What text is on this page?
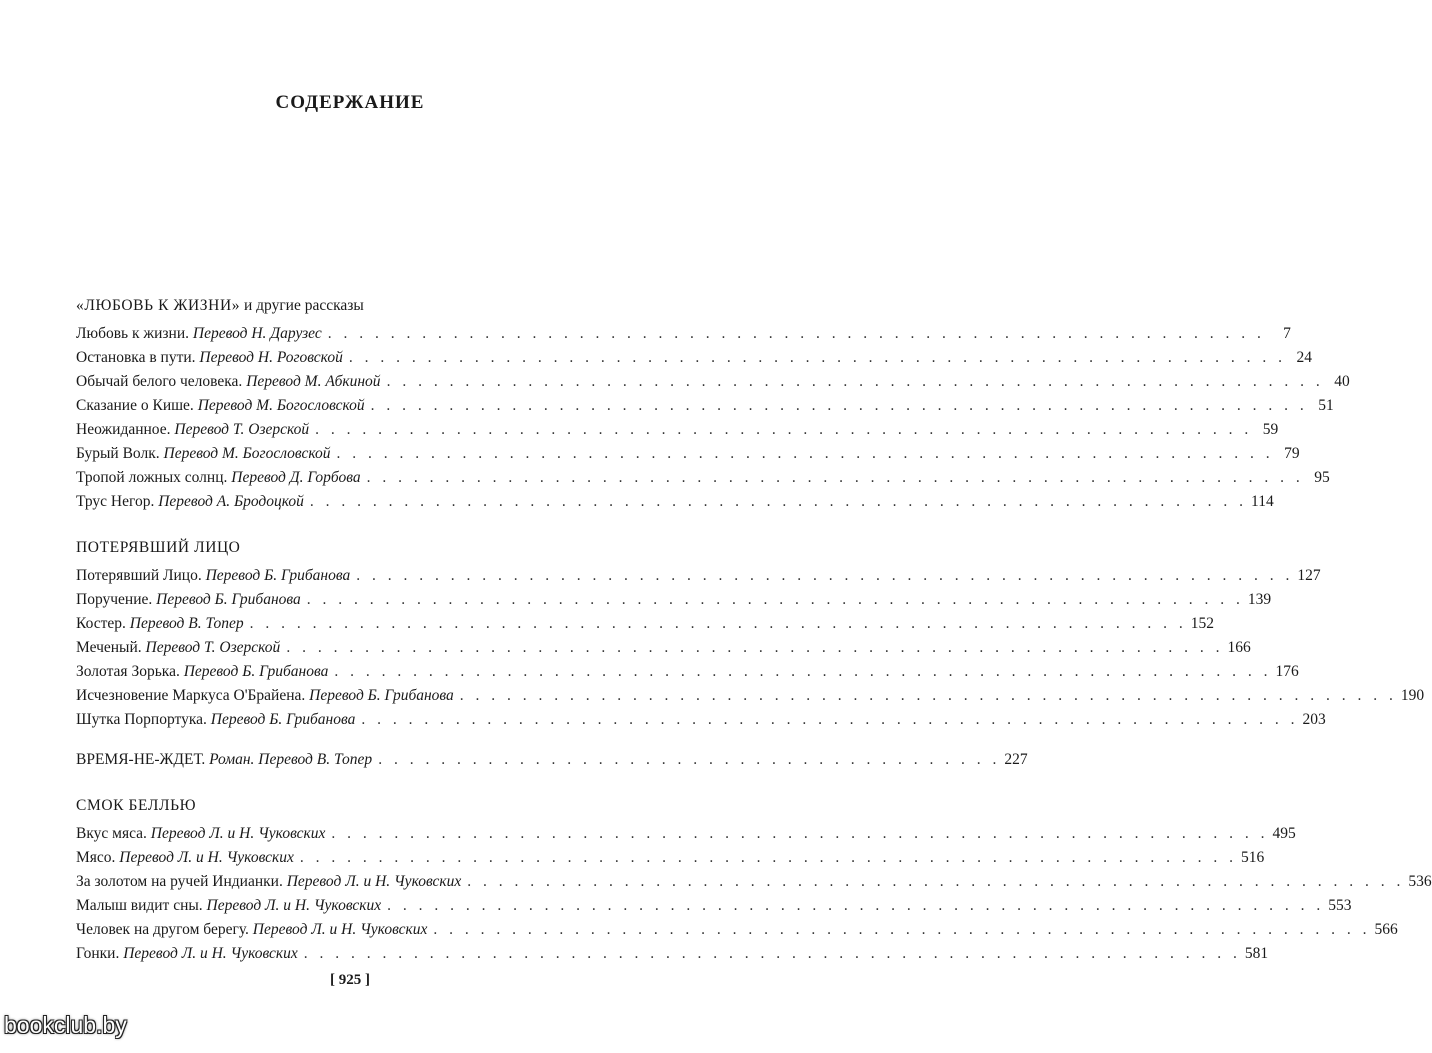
СОДЕРЖАНИЕ
«ЛЮБОВЬ К ЖИЗНИ» и другие рассказы
Любовь к жизни.
Перевод Н. Дарузес . . . . . . . . . . . . . . . . . . . . . . . . . . . . . . . . . . . . . . . . . . . . . . . . . . . . . . . . . . . .	7
Остановка в пути.
Перевод Н. Роговской . . . . . . . . . . . . . . . . . . . . . . . . . . . . . . . . . . . . . . . . . . . . . . . . . . . . . . . . . . . . 24
Обычай белого человека.
Перевод М. Абкиной . . . . . . . . . . . . . . . . . . . . . . . . . . . . . . . . . . . . . . . . . . . . . . . . . . . . . . . . . . . . 40
Сказание о Кише.
Перевод М. Богословской . . . . . . . . . . . . . . . . . . . . . . . . . . . . . . . . . . . . . . . . . . . . . . . . . . . . . . . . . . . . 51
Неожиданное.
Перевод Т. Озерской . . . . . . . . . . . . . . . . . . . . . . . . . . . . . . . . . . . . . . . . . . . . . . . . . . . . . . . . . . . . 59
Бурый Волк.
Перевод М. Богословской . . . . . . . . . . . . . . . . . . . . . . . . . . . . . . . . . . . . . . . . . . . . . . . . . . . . . . . . . . . . 79
Тропой ложных солнц.
Перевод Д. Горбова . . . . . . . . . . . . . . . . . . . . . . . . . . . . . . . . . . . . . . . . . . . . . . . . . . . . . . . . . . . . 95
Трус Негор.
Перевод А. Бродоцкой . . . . . . . . . . . . . . . . . . . . . . . . . . . . . . . . . . . . . . . . . . . . . . . . . . . . . . . . . . . . 114
ПОТЕРЯВШИЙ ЛИЦО
Потерявший Лицо.
Перевод Б. Грибанова . . . . . . . . . . . . . . . . . . . . . . . . . . . . . . . . . . . . . . . . . . . . . . . . . . . . . . . . . . . . 127
Поручение.
Перевод Б. Грибанова . . . . . . . . . . . . . . . . . . . . . . . . . . . . . . . . . . . . . . . . . . . . . . . . . . . . . . . . . . . . 139
Костер.
Перевод В. Топер . . . . . . . . . . . . . . . . . . . . . . . . . . . . . . . . . . . . . . . . . . . . . . . . . . . . . . . . . . . . 152
Меченый.
Перевод Т. Озерской . . . . . . . . . . . . . . . . . . . . . . . . . . . . . . . . . . . . . . . . . . . . . . . . . . . . . . . . . . . . 166
Золотая Зорька.
Перевод Б. Грибанова . . . . . . . . . . . . . . . . . . . . . . . . . . . . . . . . . . . . . . . . . . . . . . . . . . . . . . . . . . . . 176
Исчезновение Маркуса О'Брайена.
Перевод Б. Грибанова . . . . . . . . . . . . . . . . . . . . . . . . . . . . . . . . . . . . . . . . . . . . . . . . . . . . . . . . . . . . 190
Шутка Порпортука.
Перевод Б. Грибанова . . . . . . . . . . . . . . . . . . . . . . . . . . . . . . . . . . . . . . . . . . . . . . . . . . . . . . . . . . . . 203
ВРЕМЯ-НЕ-ЖДЕТ.
Роман. Перевод В. Топер . . . . . . . . . . . . . . . . . . . . . . . . . . . . . . . . . . . . . . . . 227
СМОК БЕЛЛЬЮ
Вкус мяса.
Перевод Л. и Н. Чуковских . . . . . . . . . . . . . . . . . . . . . . . . . . . . . . . . . . . . . . . . . . . . . . . . . . . . . . . . . . . . 495
Мясо.
Перевод Л. и Н. Чуковских . . . . . . . . . . . . . . . . . . . . . . . . . . . . . . . . . . . . . . . . . . . . . . . . . . . . . . . . . . . . 516
За золотом на ручей Индианки.
Перевод Л. и Н. Чуковских . . . . . . . . . . . . . . . . . . . . . . . . . . . . . . . . . . . . . . . . . . . . . . . . . . . . . . . . . . . . 536
Малыш видит сны.
Перевод Л. и Н. Чуковских . . . . . . . . . . . . . . . . . . . . . . . . . . . . . . . . . . . . . . . . . . . . . . . . . . . . . . . . . . . . 553
Человек на другом берегу.
Перевод Л. и Н. Чуковских . . . . . . . . . . . . . . . . . . . . . . . . . . . . . . . . . . . . . . . . . . . . . . . . . . . . . . . . . . . . 566
Гонки.
Перевод Л. и Н. Чуковских . . . . . . . . . . . . . . . . . . . . . . . . . . . . . . . . . . . . . . . . . . . . . . . . . . . . . . . . . . . . 581
[ 925 ]
bookclub.by
